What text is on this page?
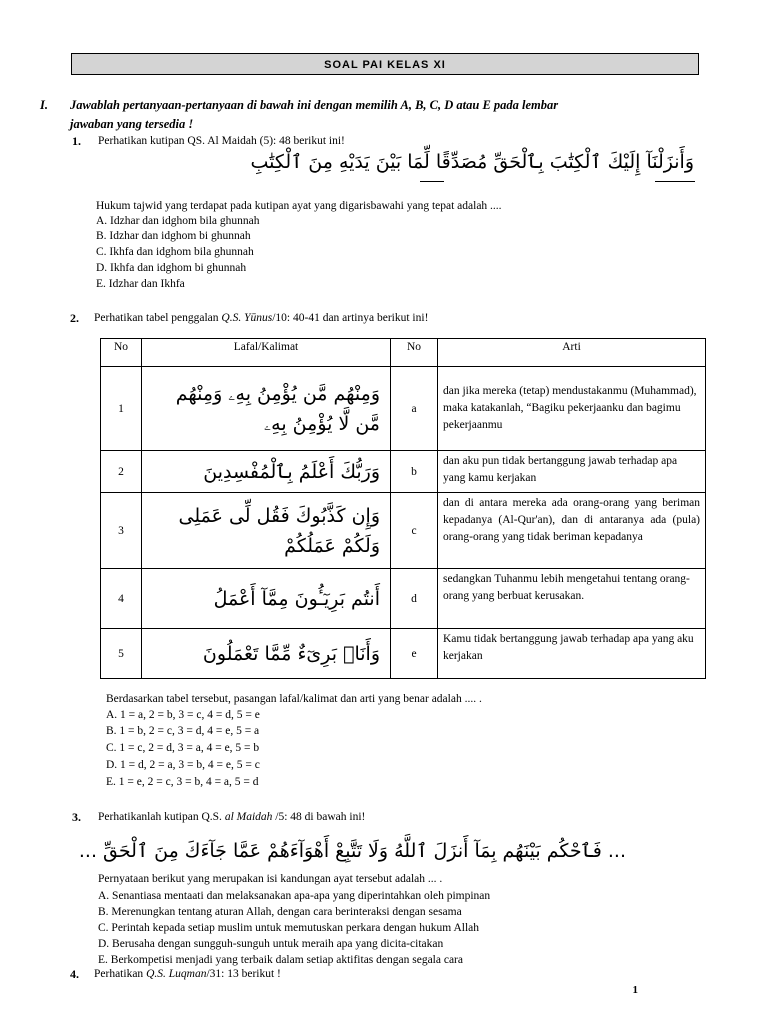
SOAL PAI KELAS XI
I. Jawablah pertanyaan-pertanyaan di bawah ini dengan memilih A, B, C, D atau E pada lembar
jawaban yang tersedia !
1. Perhatikan kutipan QS. Al Maidah (5): 48 berikut ini!
وَأَنزَلْنَآ إِلَيْكَ ٱلْكِتَٰبَ بِٱلْحَقِّ مُصَدِّقًا لِّمَا بَيْنَ يَدَيْهِ مِنَ ٱلْكِتَٰبِ
Hukum tajwid yang terdapat pada kutipan ayat yang digarisbawahi yang tepat adalah ....
A. Idzhar dan idghom bila ghunnah
B. Idzhar dan idghom bi ghunnah
C. Ikhfa dan idghom bila ghunnah
D. Ikhfa dan idghom bi ghunnah
E. Idzhar dan Ikhfa
2. Perhatikan tabel penggalan Q.S. Yūnus/10: 40-41 dan artinya berikut ini!
No	Lafal/Kalimat	No	Arti
1	وَمِنْهُم مَّن يُؤْمِنُ بِهِۦ وَمِنْهُم مَّن لَّا يُؤْمِنُ بِهِۦ	a	dan jika mereka (tetap) mendustakanmu (Muhammad), maka katakanlah, “Bagiku pekerjaanku dan bagimu pekerjaanmu
2	وَرَبُّكَ أَعْلَمُ بِٱلْمُفْسِدِينَ	b	dan aku pun tidak bertanggung jawab terhadap apa yang kamu kerjakan
3	وَإِن كَذَّبُوكَ فَقُل لِّى عَمَلِى وَلَكُمْ عَمَلُكُمْ	c	dan di antara mereka ada orang-orang yang beriman kepadanya (Al-Qur'an), dan di antaranya ada (pula) orang-orang yang tidak beriman kepadanya
4	أَنتُم بَرِيٓـُٔونَ مِمَّآ أَعْمَلُ	d	sedangkan Tuhanmu lebih mengetahui tentang orang-orang yang berbuat kerusakan.
5	وَأَنَا۠ بَرِىٓءٌ مِّمَّا تَعْمَلُونَ	e	Kamu tidak bertanggung jawab terhadap apa yang aku kerjakan
Berdasarkan tabel tersebut, pasangan lafal/kalimat dan arti yang benar adalah .... .
A. 1 = a, 2 = b, 3 = c, 4 = d, 5 = e
B. 1 = b, 2 = c, 3 = d, 4 = e, 5 = a
C. 1 = c, 2 = d, 3 = a, 4 = e, 5 = b
D. 1 = d, 2 = a, 3 = b, 4 = e, 5 = c
E. 1 = e, 2 = c, 3 = b, 4 = a, 5 = d
3. Perhatikanlah kutipan Q.S. al Maidah /5: 48 di bawah ini!
... فَٱحْكُم بَيْنَهُم بِمَآ أَنزَلَ ٱللَّهُ وَلَا تَتَّبِعْ أَهْوَآءَهُمْ عَمَّا جَآءَكَ مِنَ ٱلْحَقِّ ...
Pernyataan berikut yang merupakan isi kandungan ayat tersebut adalah ... .
A. Senantiasa mentaati dan melaksanakan apa-apa yang diperintahkan oleh pimpinan
B. Merenungkan tentang aturan Allah, dengan cara berinteraksi dengan sesama
C. Perintah kepada setiap muslim untuk memutuskan perkara dengan hukum Allah
D. Berusaha dengan sungguh-sunguh untuk meraih apa yang dicita-citakan
E. Berkompetisi menjadi yang terbaik dalam setiap aktifitas dengan segala cara
4. Perhatikan Q.S. Luqman/31: 13 berikut !
1
